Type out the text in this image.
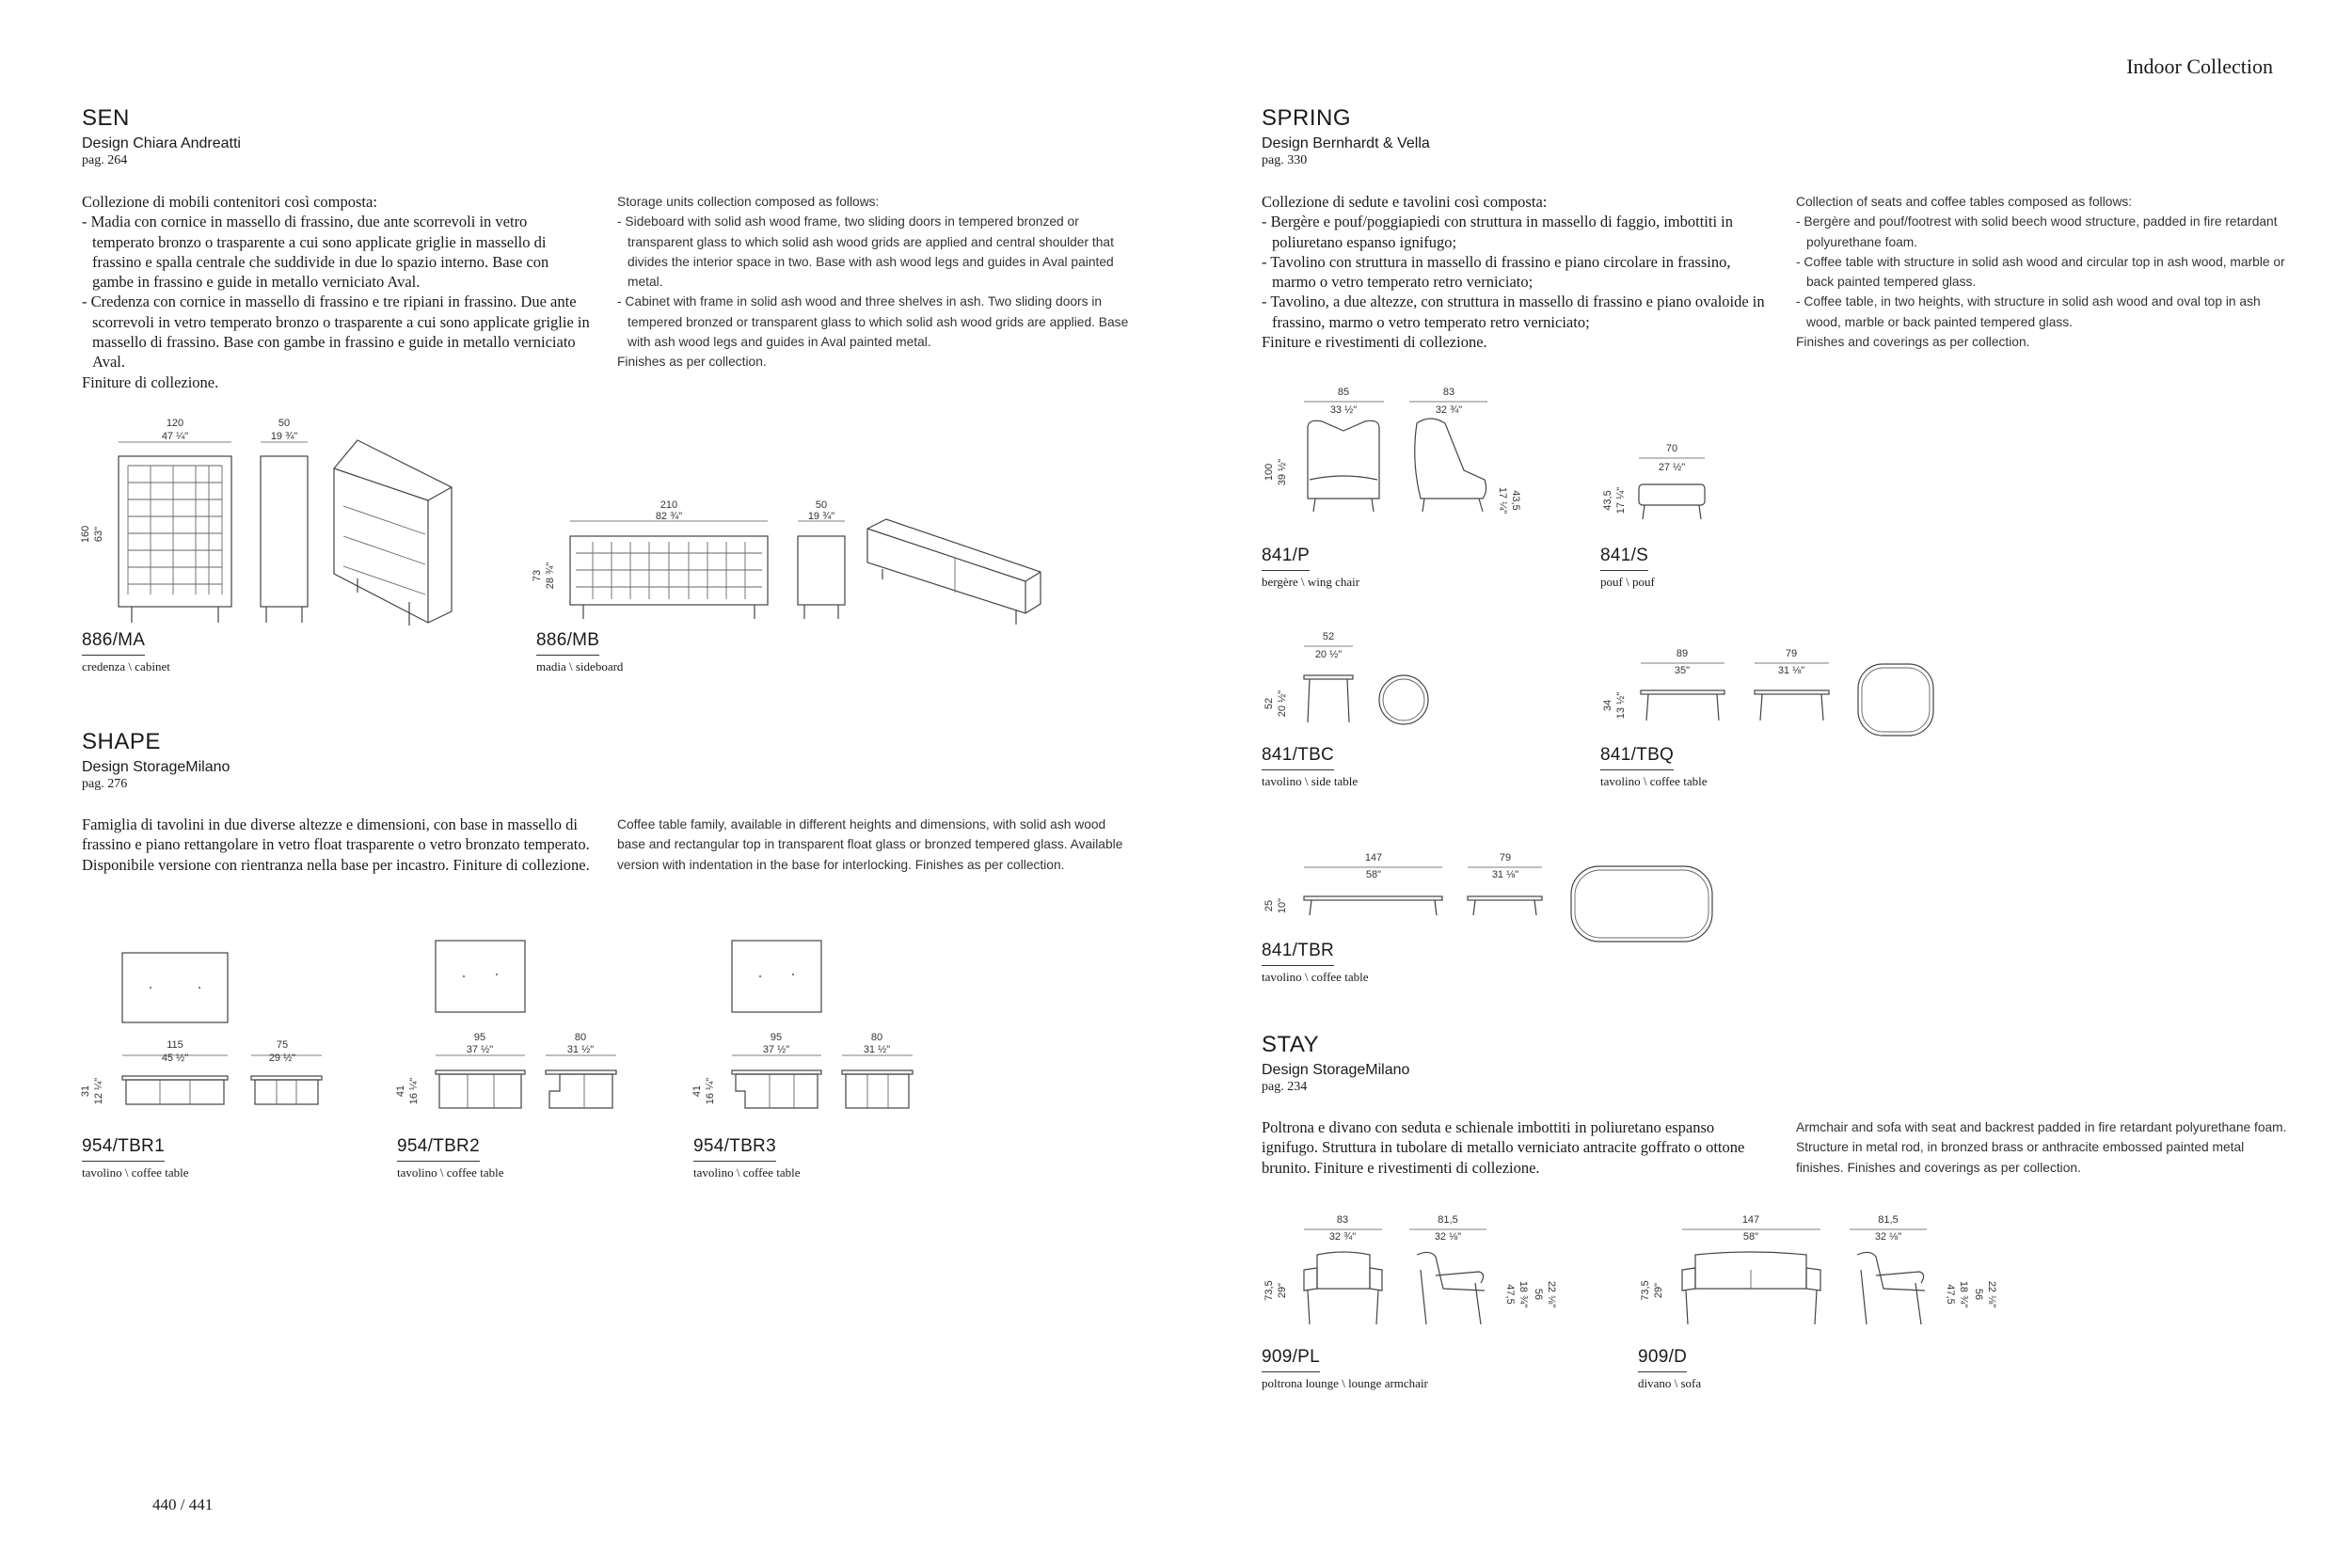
Indoor Collection
SEN
Design Chiara Andreatti
pag. 264
Collezione di mobili contenitori così composta:
- Madia con cornice in massello di frassino, due ante scorrevoli in vetro temperato bronzo o trasparente a cui sono applicate griglie in massello di frassino e spalla centrale che suddivide in due lo spazio interno. Base con gambe in frassino e guide in metallo verniciato Aval.
- Credenza con cornice in massello di frassino e tre ripiani in frassino. Due ante scorrevoli in vetro temperato bronzo o trasparente a cui sono applicate griglie in massello di frassino. Base con gambe in frassino e guide in metallo verniciato Aval.
Finiture di collezione.
Storage units collection composed as follows:
- Sideboard with solid ash wood frame, two sliding doors in tempered bronzed or transparent glass to which solid ash wood grids are applied and central shoulder that divides the interior space in two. Base with ash wood legs and guides in Aval painted metal.
- Cabinet with frame in solid ash wood and three shelves in ash. Two sliding doors in tempered bronzed or transparent glass to which solid ash wood grids are applied. Base with ash wood legs and guides in Aval painted metal.
Finishes as per collection.
120
47 ¼"
50
19 ¾"
160 63"
886/MA
credenza \ cabinet
210
82 ¾"
50
19 ¾"
73 28 ¾"
886/MB
madia \ sideboard
SHAPE
Design StorageMilano
pag. 276
Famiglia di tavolini in due diverse altezze e dimensioni, con base in massello di frassino e piano rettangolare in vetro float trasparente o vetro bronzato temperato. Disponibile versione con rientranza nella base per incastro. Finiture di collezione.
Coffee table family, available in different heights and dimensions, with solid ash wood base and rectangular top in transparent float glass or bronzed tempered glass. Available version with indentation in the base for interlocking. Finishes as per collection.
115
45 ½"
75
29 ½"
31 12 ¼"
954/TBR1
tavolino \ coffee table
95
37 ½"
80
31 ½"
41 16 ¼"
954/TBR2
tavolino \ coffee table
95
37 ½"
80
31 ½"
41 16 ¼"
954/TBR3
tavolino \ coffee table
440 / 441
SPRING
Design Bernhardt & Vella
pag. 330
Collezione di sedute e tavolini così composta:
- Bergère e pouf/poggiapiedi con struttura in massello di faggio, imbottiti in poliuretano espanso ignifugo;
- Tavolino con struttura in massello di frassino e piano circolare in frassino, marmo o vetro temperato retro verniciato;
- Tavolino, a due altezze, con struttura in massello di frassino e piano ovaloide in frassino, marmo o vetro temperato retro verniciato;
Finiture e rivestimenti di collezione.
Collection of seats and coffee tables composed as follows:
- Bergère and pouf/footrest with solid beech wood structure, padded in fire retardant polyurethane foam.
- Coffee table with structure in solid ash wood and circular top in ash wood, marble or back painted tempered glass.
- Coffee table, in two heights, with structure in solid ash wood and oval top in ash wood, marble or back painted tempered glass.
Finishes and coverings as per collection.
85
33 ½"
83
32 ¾"
100 39 ½"
43,5
17 ¼"
841/P
bergère \ wing chair
70
27 ½"
43,5 17 ¼"
841/S
pouf \ pouf
52
20 ½"
52 20 ½"
841/TBC
tavolino \ side table
89
35"
79
31 ⅛"
34 13 ½"
841/TBQ
tavolino \ coffee table
147
58"
79
31 ⅛"
25 10"
841/TBR
tavolino \ coffee table
STAY
Design StorageMilano
pag. 234
Poltrona e divano con seduta e schienale imbottiti in poliuretano espanso ignifugo. Struttura in tubolare di metallo verniciato antracite goffrato o ottone brunito. Finiture e rivestimenti di collezione.
Armchair and sofa with seat and backrest padded in fire retardant polyurethane foam. Structure in metal rod, in bronzed brass or anthracite embossed painted metal finishes. Finishes and coverings as per collection.
83
32 ¾"
81,5
32 ⅛"
73,5 29"	47,5 18 ¾" 56 22 ⅛"
909/PL
poltrona lounge \ lounge armchair
147
58"
81,5
32 ⅛"
73,5 29"	47,5 18 ¾" 56 22 ⅛"
909/D
divano \ sofa
